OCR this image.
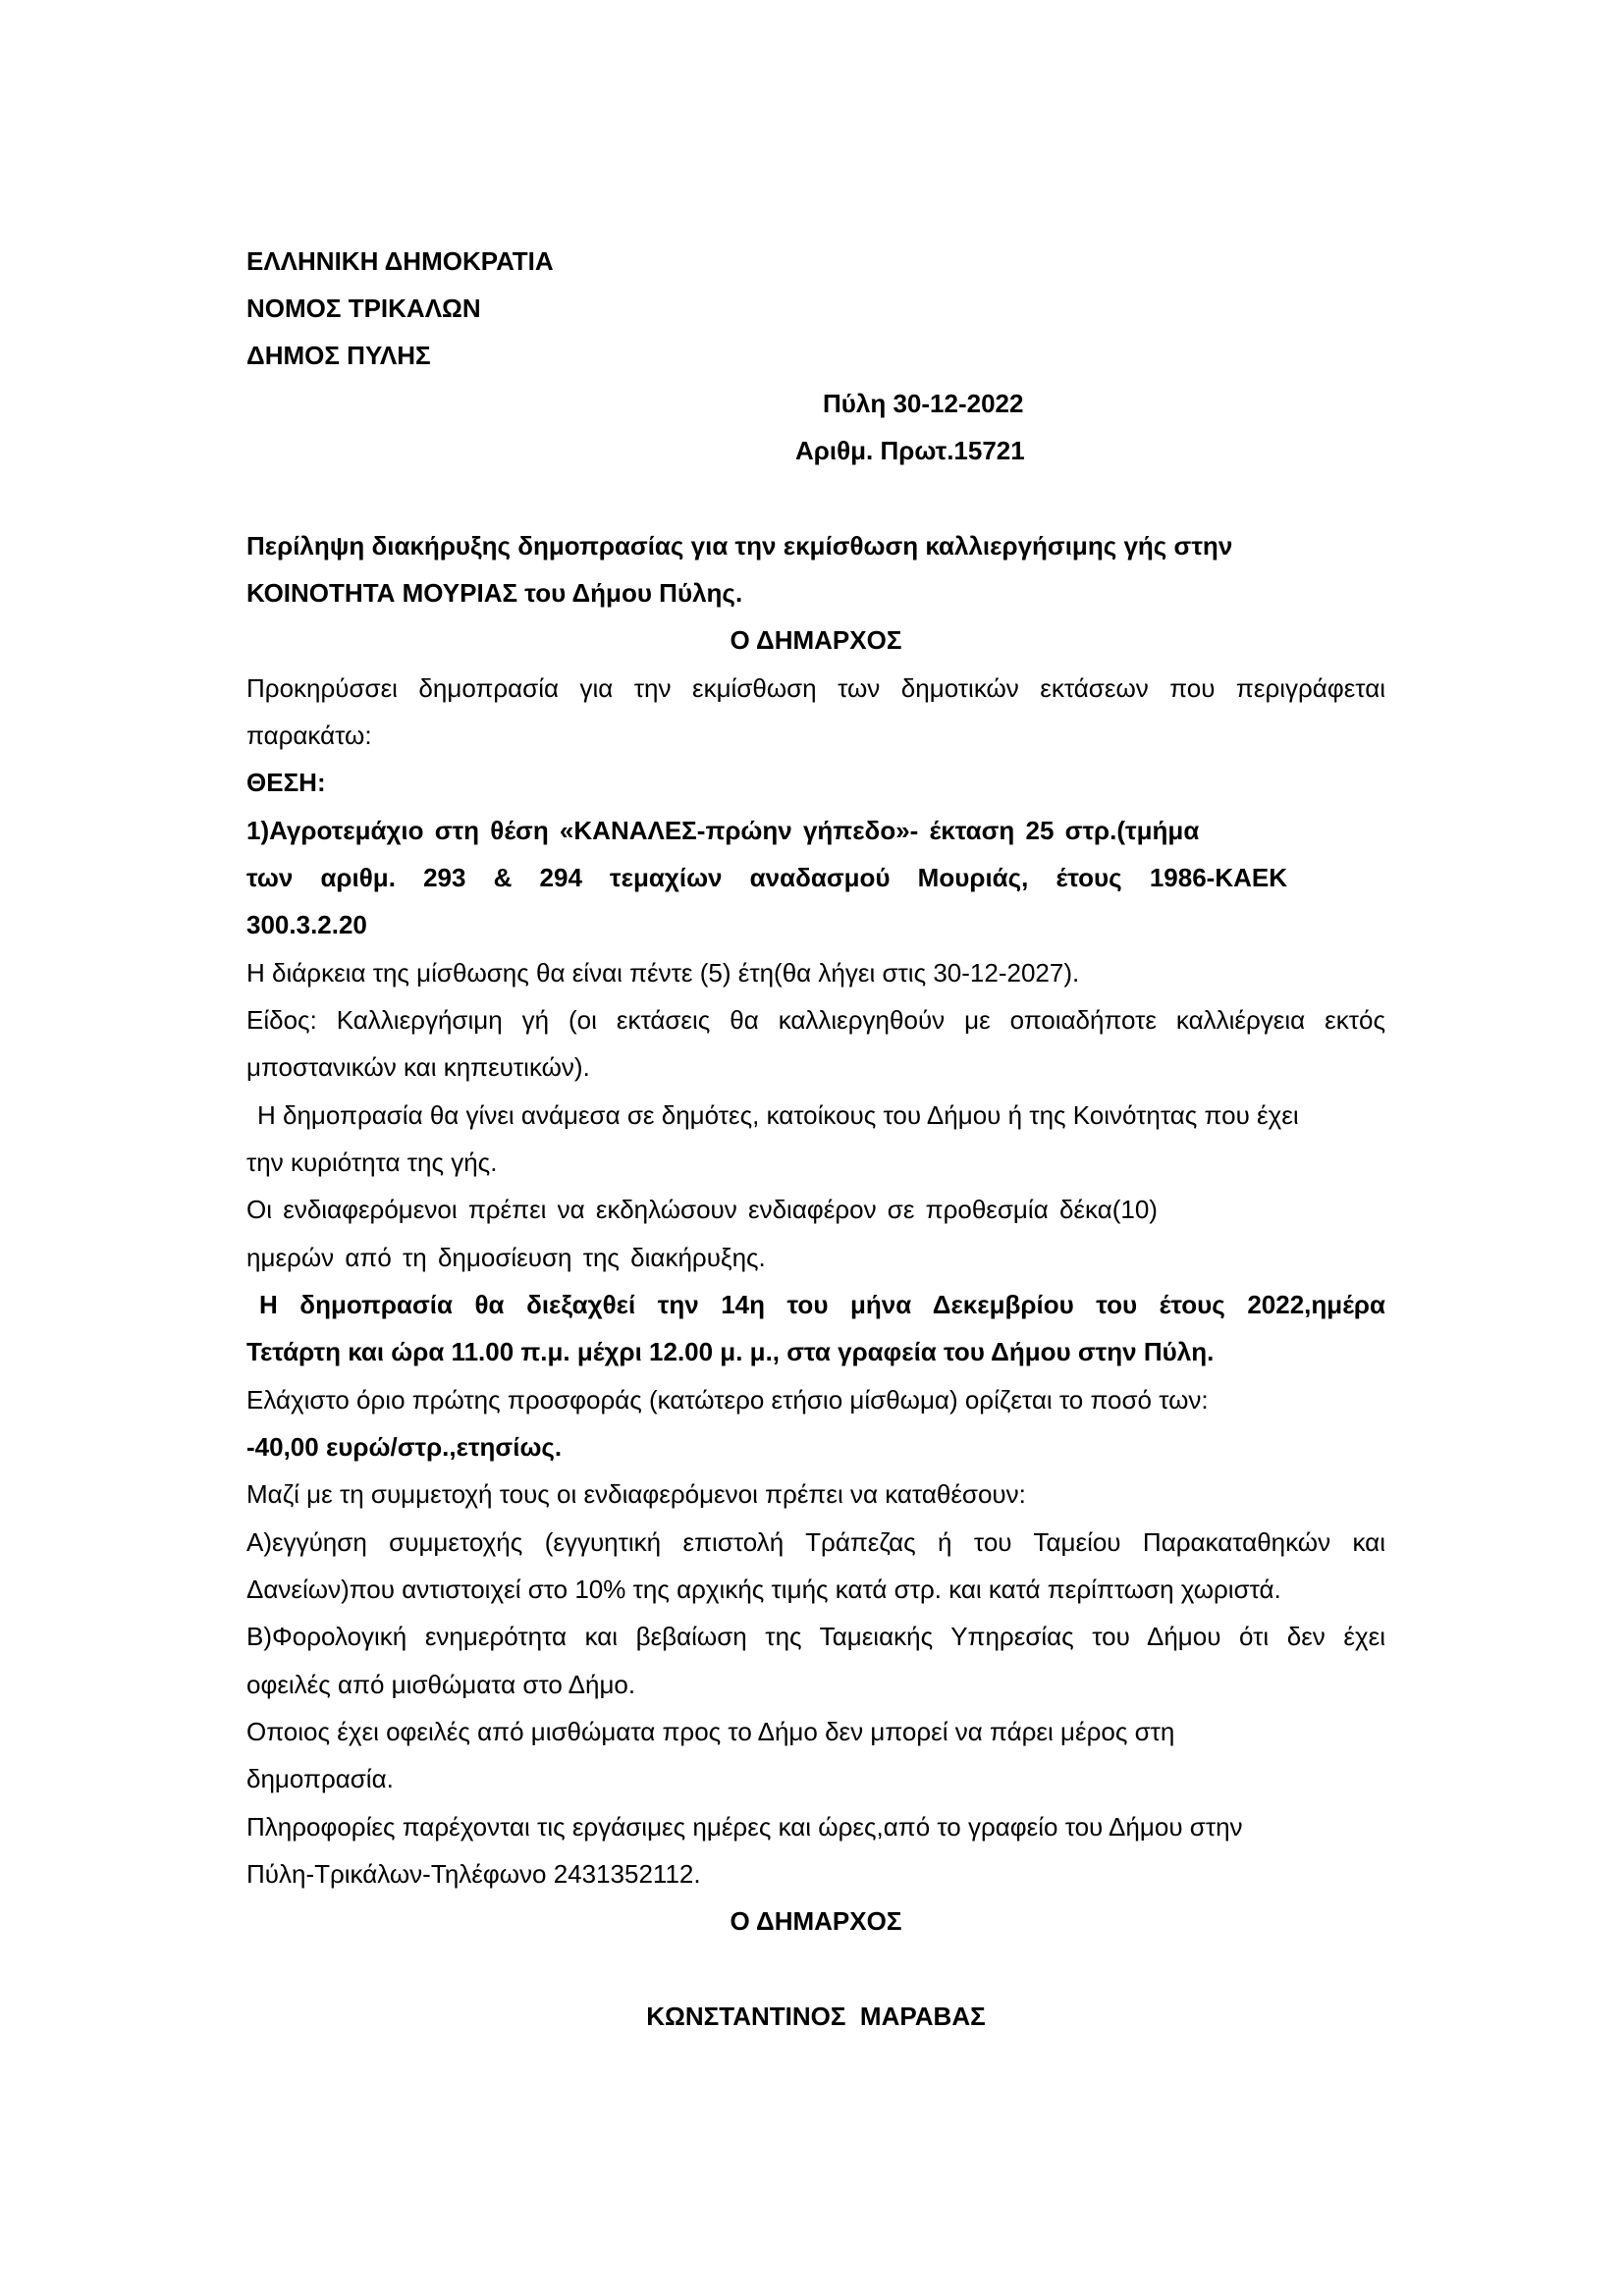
ΕΛΛΗΝΙΚΗ ΔΗΜΟΚΡΑΤΙΑ

ΝΟΜΟΣ ΤΡΙΚΑΛΩΝ

ΔΗΜΟΣ ΠΥΛΗΣ

Πύλη 30-12-2022

Αριθμ. Πρωτ.15721

Περίληψη διακήρυξης δημοπρασίας για την εκμίσθωση καλλιεργήσιμης γής στην

ΚΟΙΝΟΤΗΤΑ ΜΟΥΡΙΑΣ του Δήμου Πύλης.

Ο ΔΗΜΑΡΧΟΣ

Προκηρύσσει δημοπρασία για την εκμίσθωση των δημοτικών εκτάσεων που περιγράφεται

παρακάτω:

ΘΕΣΗ:

1)Αγροτεμάχιο στη θέση «ΚΑΝΑΛΕΣ-πρώην γήπεδο»- έκταση 25 στρ.(τμήμα

των αριθμ. 293 & 294 τεμαχίων αναδασμού Μουριάς, έτους 1986-ΚΑΕΚ

300.3.2.20

Η διάρκεια της μίσθωσης θα είναι πέντε (5) έτη(θα λήγει στις 30-12-2027).

Είδος: Καλλιεργήσιμη γή (οι εκτάσεις θα καλλιεργηθούν με οποιαδήποτε καλλιέργεια εκτός

μποστανικών και κηπευτικών).

Η δημοπρασία θα γίνει ανάμεσα σε δημότες, κατοίκους του Δήμου ή της Κοινότητας που έχει

την κυριότητα της γής.

Οι ενδιαφερόμενοι πρέπει να εκδηλώσουν ενδιαφέρον σε προθεσμία δέκα(10)

ημερών από τη δημοσίευση της διακήρυξης.

Η δημοπρασία θα διεξαχθεί την 14η του μήνα Δεκεμβρίου του έτους 2022,ημέρα

Τετάρτη και ώρα 11.00 π.μ. μέχρι 12.00 μ. μ., στα γραφεία του Δήμου στην Πύλη.

Ελάχιστο όριο πρώτης προσφοράς (κατώτερο ετήσιο μίσθωμα) ορίζεται το ποσό των:

-40,00 ευρώ/στρ.,ετησίως.

Μαζί με τη συμμετοχή τους οι ενδιαφερόμενοι πρέπει να καταθέσουν:

Α)εγγύηση συμμετοχής (εγγυητική επιστολή Τράπεζας ή του Ταμείου Παρακαταθηκών και

Δανείων)που αντιστοιχεί στο 10% της αρχικής τιμής κατά στρ. και κατά περίπτωση χωριστά.

Β)Φορολογική ενημερότητα και βεβαίωση της Ταμειακής Υπηρεσίας του Δήμου ότι δεν έχει

οφειλές από μισθώματα στο Δήμο.

Οποιος έχει οφειλές από μισθώματα προς το Δήμο δεν μπορεί να πάρει μέρος στη

δημοπρασία.

Πληροφορίες παρέχονται τις εργάσιμες ημέρες και ώρες,από το γραφείο του Δήμου στην

Πύλη-Τρικάλων-Τηλέφωνο 2431352112.

Ο ΔΗΜΑΡΧΟΣ

ΚΩΝΣΤΑΝΤΙΝΟΣ  ΜΑΡΑΒΑΣ
